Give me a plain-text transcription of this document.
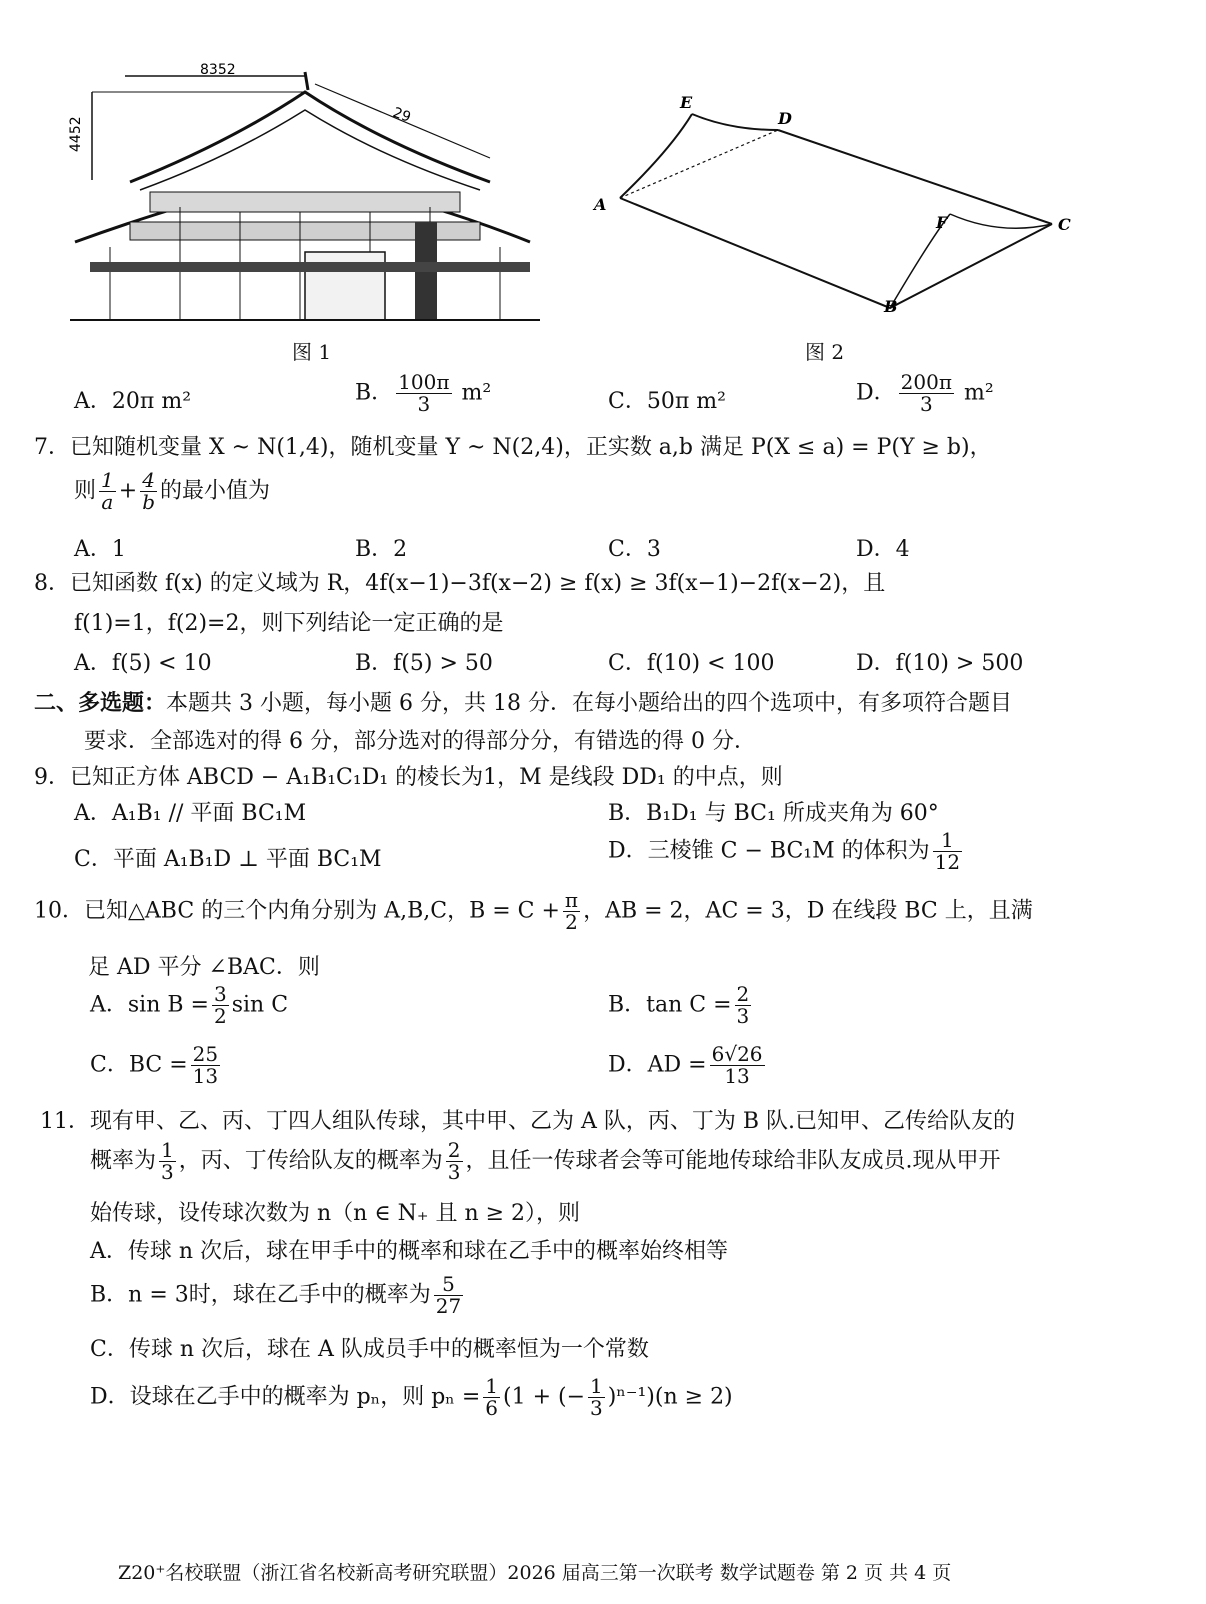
8352
4452
29
图 1
A
E
D
F	C
B
图 2
A．20π m²	B． $\frac{100\pi}{3} m^2$	C．50π m²	D． $\frac{200\pi}{3} m^2$
7．已知随机变量 X ~ N(1,4)，随机变量 Y ~ N(2,4)，正实数 a,b 满足 P(X ≤ a) = P(Y ≥ b)，
则 $\frac{1}{a} + \frac{4}{b}$ 的最小值为
A．1	B．2	C．3	D．4
8．已知函数 f(x) 的定义域为 R，4f(x−1)−3f(x−2) ≥ f(x) ≥ 3f(x−1)−2f(x−2)，且
f(1)=1，f(2)=2，则下列结论一定正确的是
A．f(5) < 10	B．f(5) > 50	C．f(10) < 100	D．f(10) > 500
二、多选题：本题共 3 小题，每小题 6 分，共 18 分．在每小题给出的四个选项中，有多项符合题目
要求．全部选对的得 6 分，部分选对的得部分分，有错选的得 0 分．
9．已知正方体 ABCD − A₁B₁C₁D₁ 的棱长为1，M 是线段 DD₁ 的中点，则
A．A₁B₁ // 平面 BC₁M	B．B₁D₁ 与 BC₁ 所成夹角为 60°
C．平面 A₁B₁D ⊥ 平面 BC₁M	D．三棱锥 C − BC₁M 的体积为 $\frac{1}{12}$
10．已知△ABC 的三个内角分别为 A,B,C，$B = C + \frac{\pi}{2}$ ，AB = 2，AC = 3，D 在线段 BC 上，且满
足 AD 平分 ∠BAC．则
A．$\sin B = \frac{3}{2}$ sin C	B．$\tan C = \frac{2}{3}$
C．BC = $\frac{25}{13}$	D．AD = $\frac{6√26}{13}$
11．现有甲、乙、丙、丁四人组队传球，其中甲、乙为 A 队，丙、丁为 B 队.已知甲、乙传给队友的
概率为 $\frac{1}{3}$ ，丙、丁传给队友的概率为 $\frac{2}{3}$ ，且任一传球者会等可能地传球给非队友成员.现从甲开
始传球，设传球次数为 n（n ∈ N₊ 且 n ≥ 2），则
A．传球 n 次后，球在甲手中的概率和球在乙手中的概率始终相等
B．n = 3时，球在乙手中的概率为 $\frac{5}{27}$
C．传球 n 次后，球在 A 队成员手中的概率恒为一个常数
D．设球在乙手中的概率为 pₙ，则 $p_n = \frac{1}{6} (1$ + (− $\frac{1}{3} )^{n-1})(n \ge 2)$
Z20⁺名校联盟（浙江省名校新高考研究联盟）2026 届高三第一次联考 数学试题卷 第 2 页 共 4 页
